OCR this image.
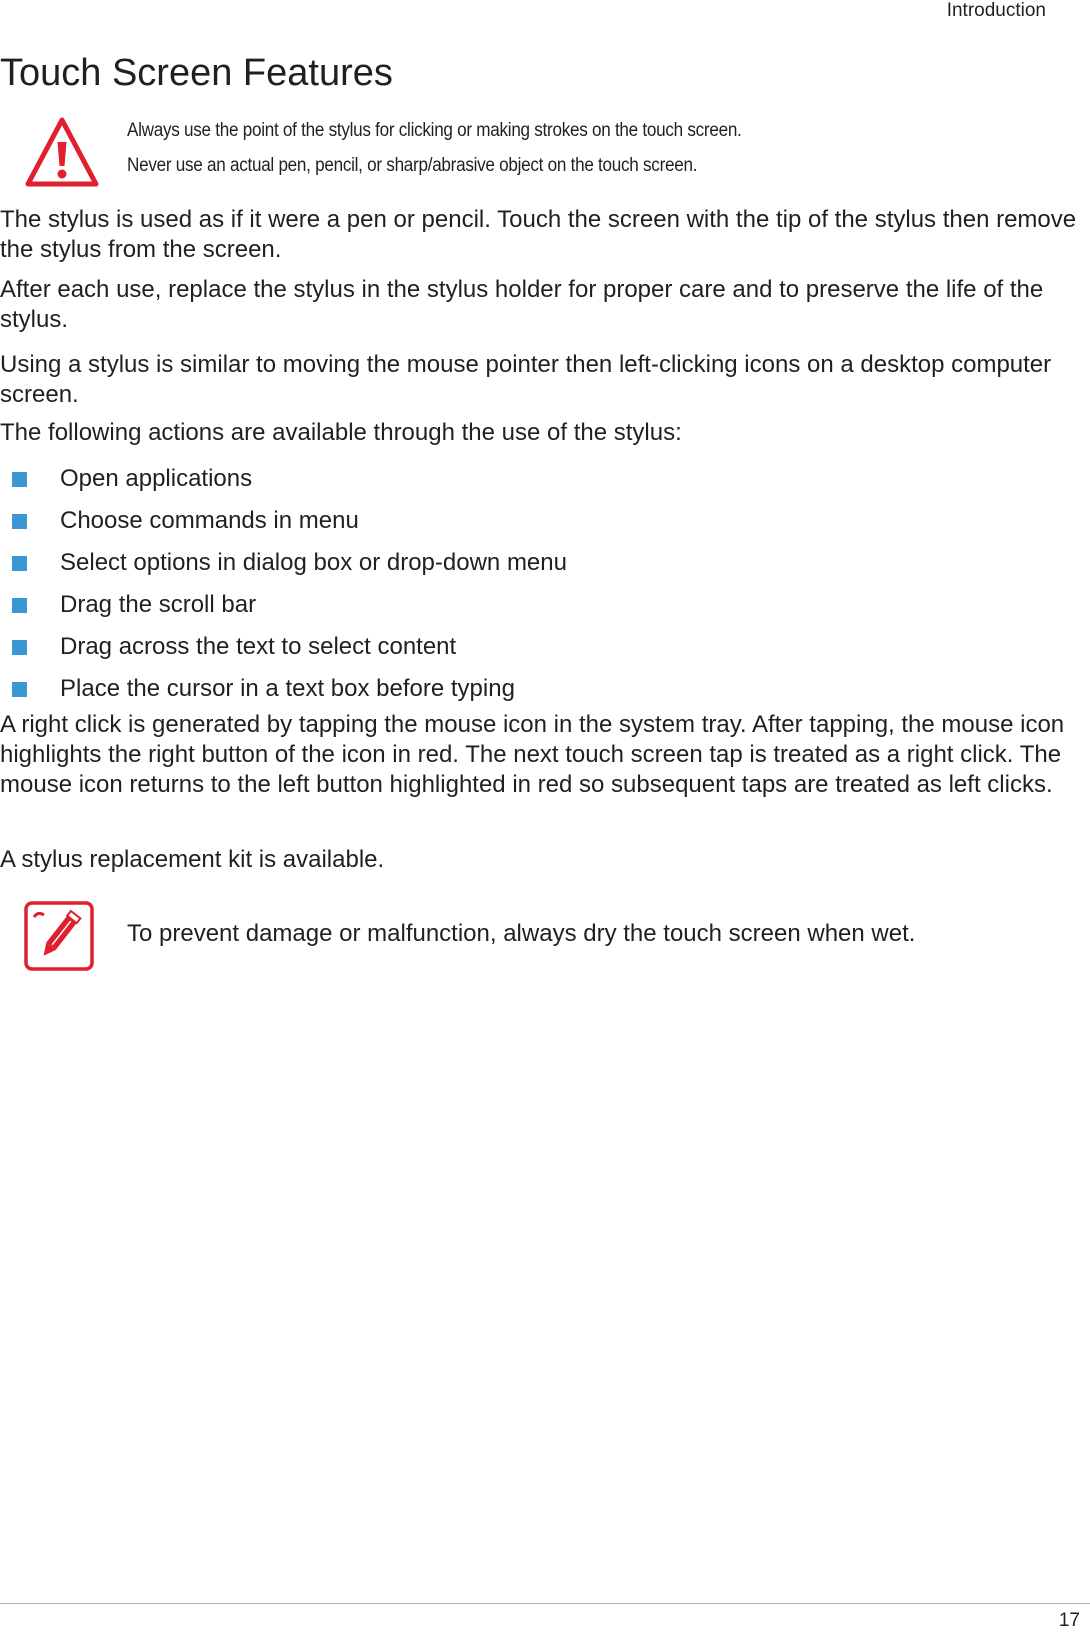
Introduction
Touch Screen Features
Always use the point of the stylus for clicking or making strokes on the touch screen.
Never use an actual pen, pencil, or sharp/abrasive object on the touch screen.

The stylus is used as if it were a pen or pencil. Touch the screen with the tip of the stylus then remove the stylus from the screen.

After each use, replace the stylus in the stylus holder for proper care and to preserve the life of the stylus.

Using a stylus is similar to moving the mouse pointer then left-clicking icons on a desktop computer screen.

The following actions are available through the use of the stylus:

Open applications
Choose commands in menu
Select options in dialog box or drop-down menu
Drag the scroll bar
Drag across the text to select content
Place the cursor in a text box before typing

A right click is generated by tapping the mouse icon in the system tray. After tapping, the mouse icon highlights the right button of the icon in red. The next touch screen tap is treated as a right click. The mouse icon returns to the left button highlighted in red so subsequent taps are treated as left clicks.

A stylus replacement kit is available.

To prevent damage or malfunction, always dry the touch screen when wet.
17
